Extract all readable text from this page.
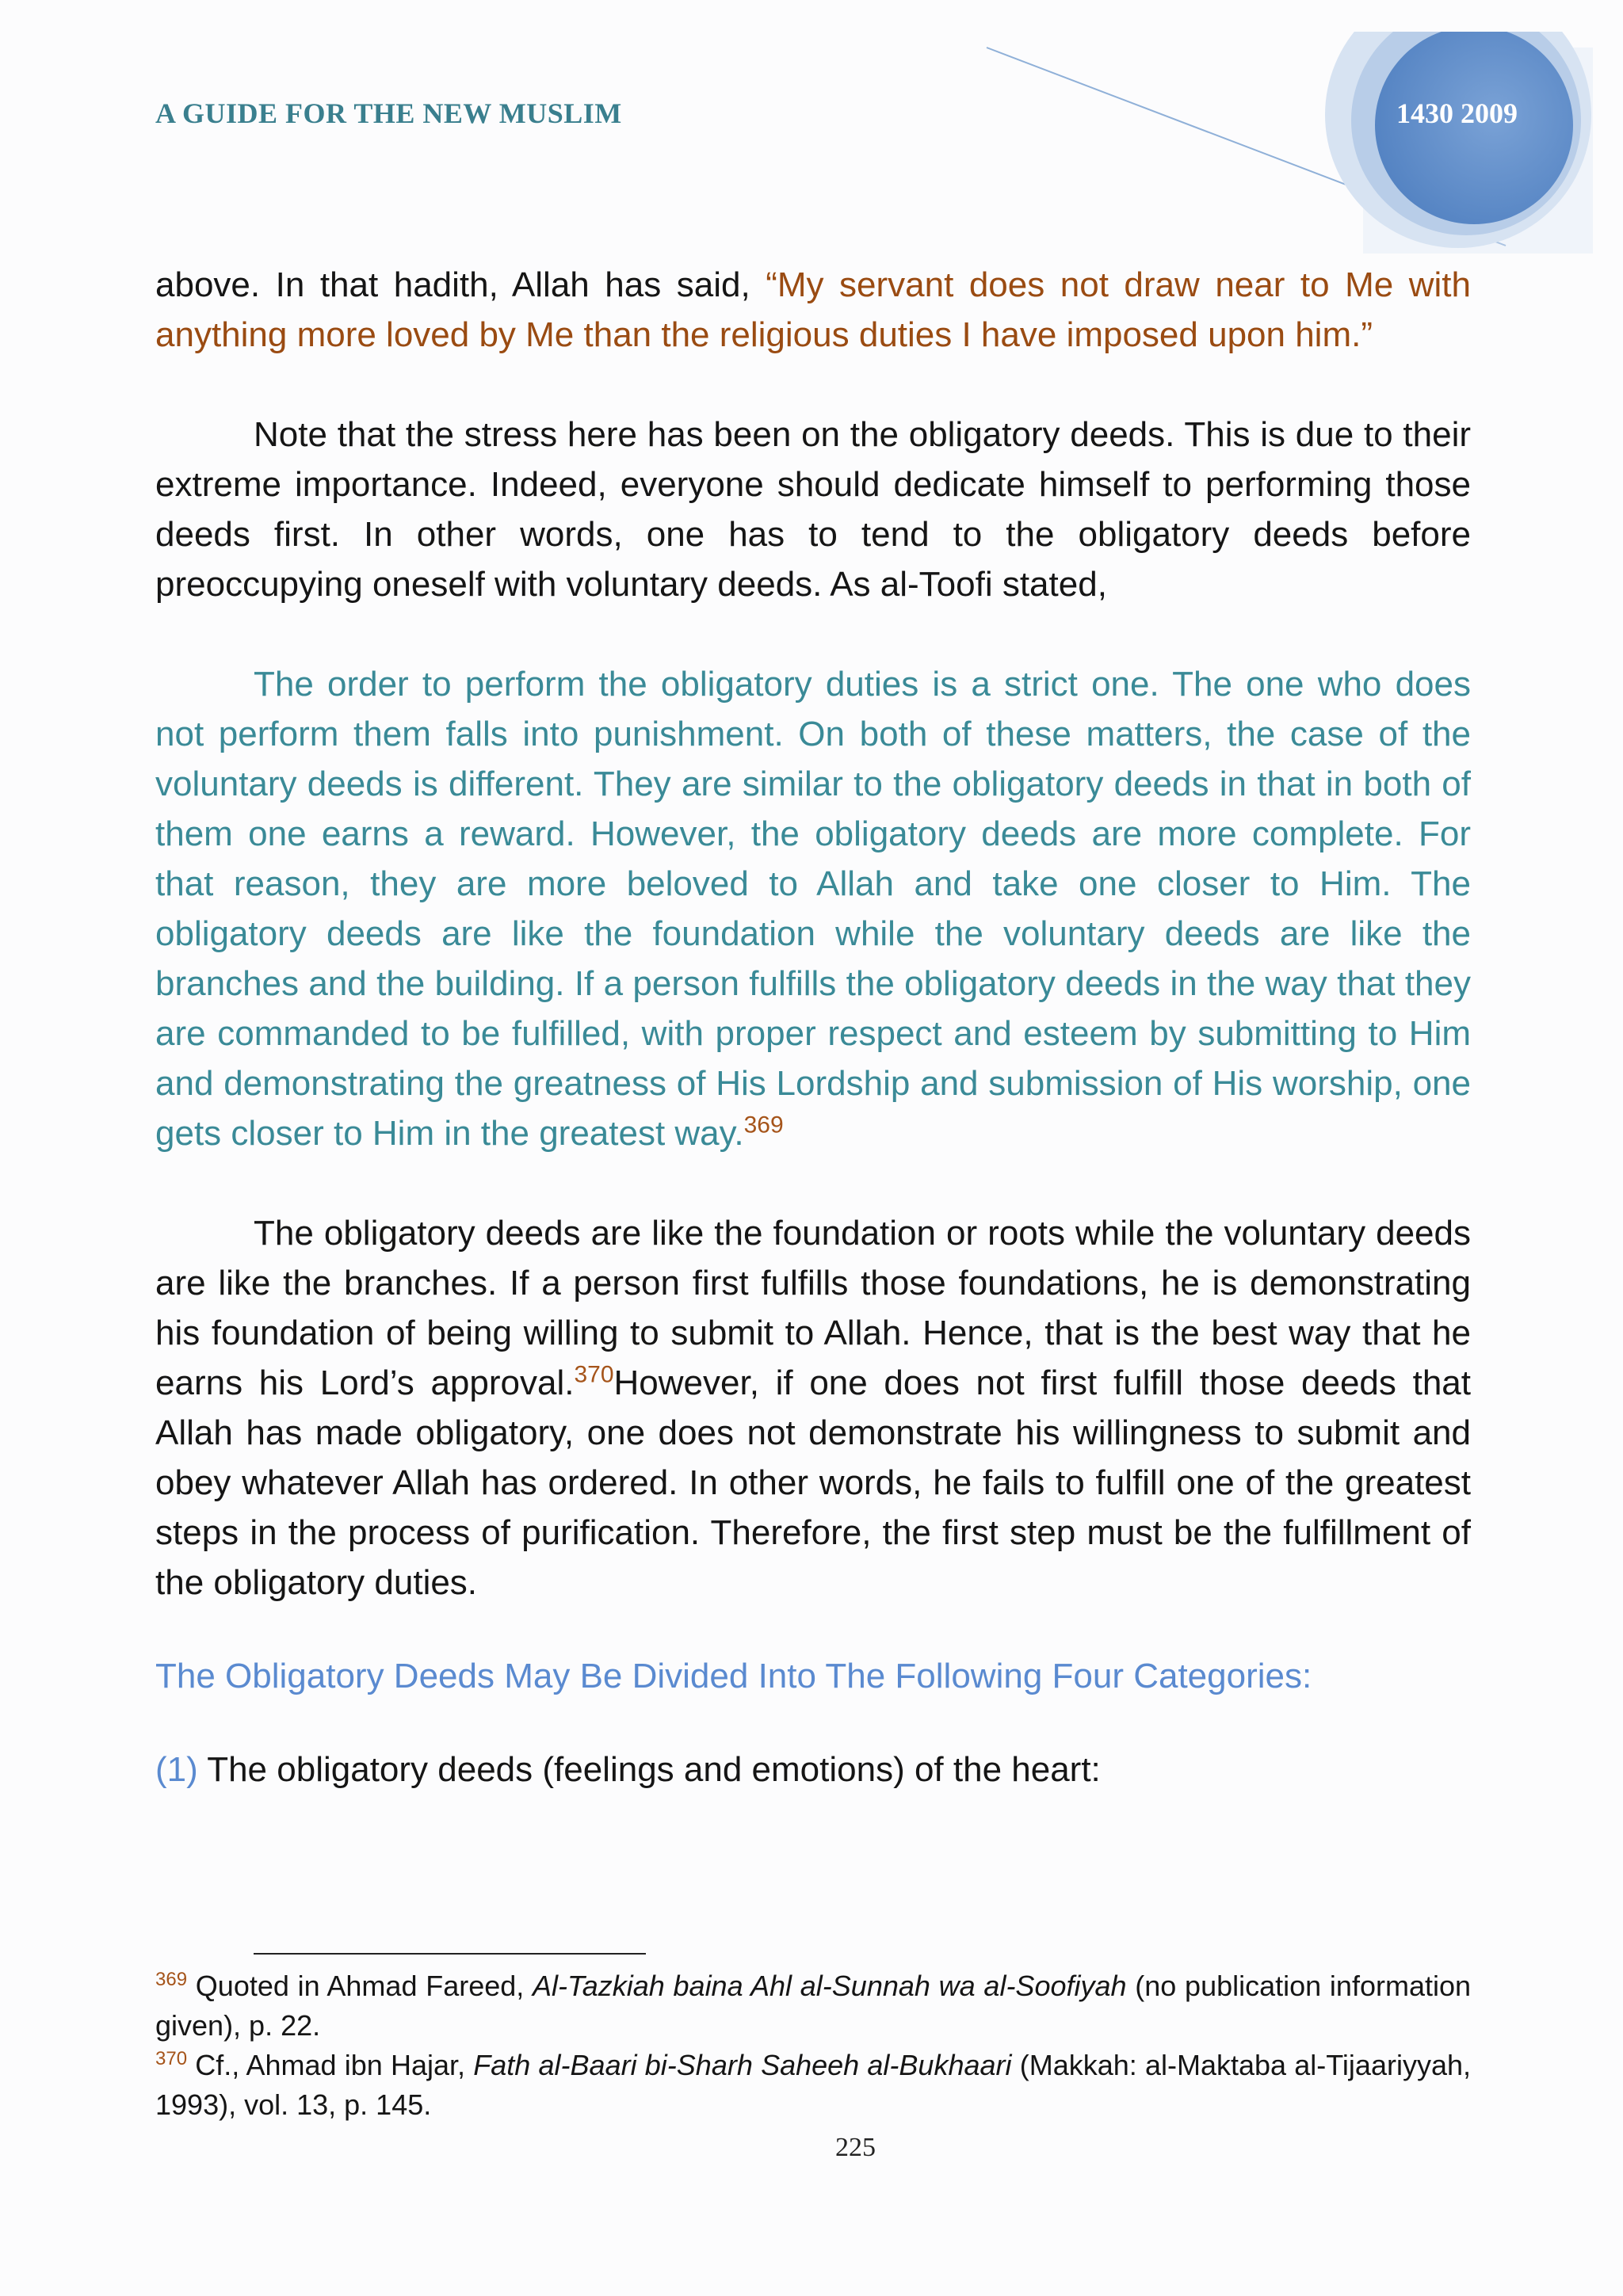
A GUIDE FOR THE NEW MUSLIM	1430 2009

above. In that hadith, Allah has said, “My servant does not draw near to Me with anything more loved by Me than the religious duties I have imposed upon him.”

Note that the stress here has been on the obligatory deeds. This is due to their extreme importance. Indeed, everyone should dedicate himself to performing those deeds first. In other words, one has to tend to the obligatory deeds before preoccupying oneself with voluntary deeds. As al-Toofi stated,

The order to perform the obligatory duties is a strict one. The one who does not perform them falls into punishment. On both of these matters, the case of the voluntary deeds is different. They are similar to the obligatory deeds in that in both of them one earns a reward. However, the obligatory deeds are more complete. For that reason, they are more beloved to Allah and take one closer to Him. The obligatory deeds are like the foundation while the voluntary deeds are like the branches and the building. If a person fulfills the obligatory deeds in the way that they are commanded to be fulfilled, with proper respect and esteem by submitting to Him and demonstrating the greatness of His Lordship and submission of His worship, one gets closer to Him in the greatest way.$^{369}$

The obligatory deeds are like the foundation or roots while the voluntary deeds are like the branches. If a person first fulfills those foundations, he is demonstrating his foundation of being willing to submit to Allah. Hence, that is the best way that he earns his Lord’s approval.$^{370}$However, if one does not first fulfill those deeds that Allah has made obligatory, one does not demonstrate his willingness to submit and obey whatever Allah has ordered. In other words, he fails to fulfill one of the greatest steps in the process of purification. Therefore, the first step must be the fulfillment of the obligatory duties.

The Obligatory Deeds May Be Divided Into The Following Four Categories:

(1) The obligatory deeds (feelings and emotions) of the heart:

$^{369}$ Quoted in Ahmad Fareed, Al-Tazkiah baina Ahl al-Sunnah wa al-Soofiyah (no publication information given), p. 22.

$^{370}$ Cf., Ahmad ibn Hajar, Fath al-Baari bi-Sharh Saheeh al-Bukhaari (Makkah: al-Maktaba al-Tijaariyyah, 1993), vol. 13, p. 145.

225
